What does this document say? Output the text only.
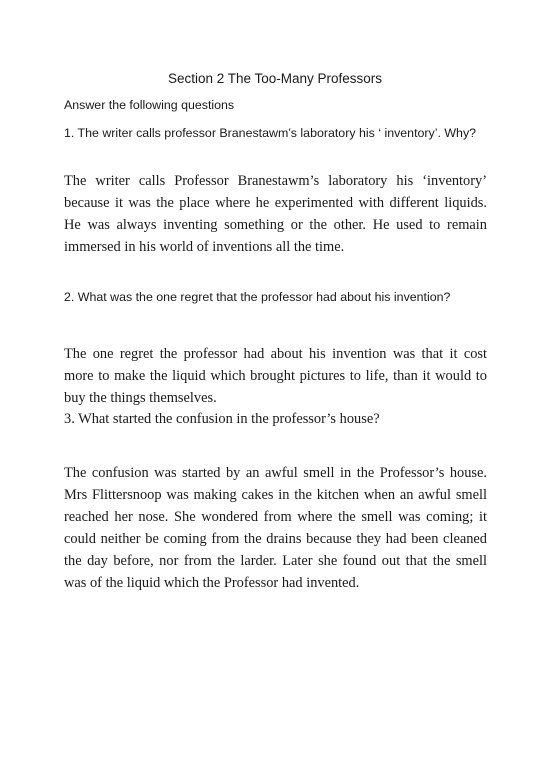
Section 2 The Too-Many Professors

Answer the following questions

1. The writer calls professor Branestawm’s laboratory his ‘ inventory’. Why?

The writer calls Professor Branestawm’s laboratory his ‘inventory’ because it was the place where he experimented with different liquids. He was always inventing something or the other. He used to remain immersed in his world of inventions all the time.

2. What was the one regret that the professor had about his invention?

The one regret the professor had about his invention was that it cost more to make the liquid which brought pictures to life, than it would to buy the things themselves.

3. What started the confusion in the professor’s house?

The confusion was started by an awful smell in the Professor’s house. Mrs Flittersnoop was making cakes in the kitchen when an awful smell reached her nose. She wondered from where the smell was coming; it could neither be coming from the drains because they had been cleaned the day before, nor from the larder. Later she found out that the smell was of the liquid which the Professor had invented.
